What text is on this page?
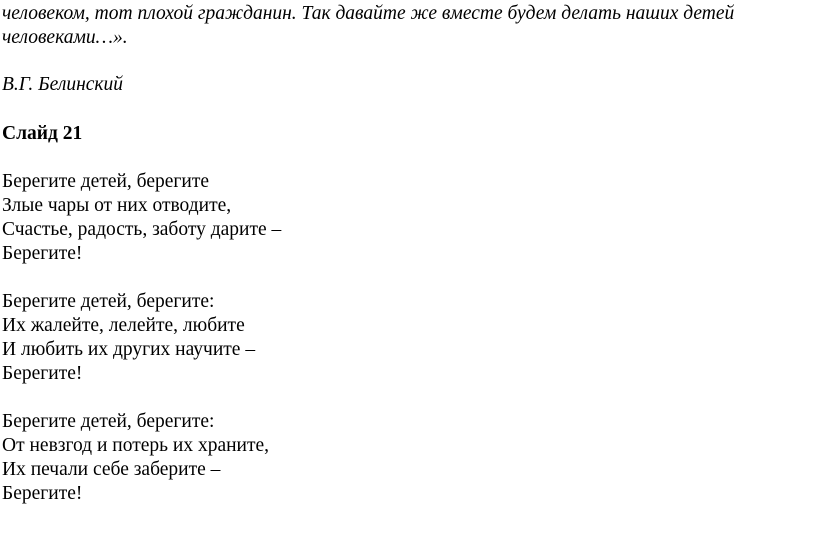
человеком, тот плохой гражданин. Так давайте же вместе будем делать наших детей
человеками…».
В.Г. Белинский
Слайд 21
Берегите детей, берегите
Злые чары от них отводите,
Счастье, радость, заботу дарите –
Берегите!
Берегите детей, берегите:
Их жалейте, лелейте, любите
И любить их других научите –
Берегите!
Берегите детей, берегите:
От невзгод и потерь их храните,
Их печали себе заберите –
Берегите!
